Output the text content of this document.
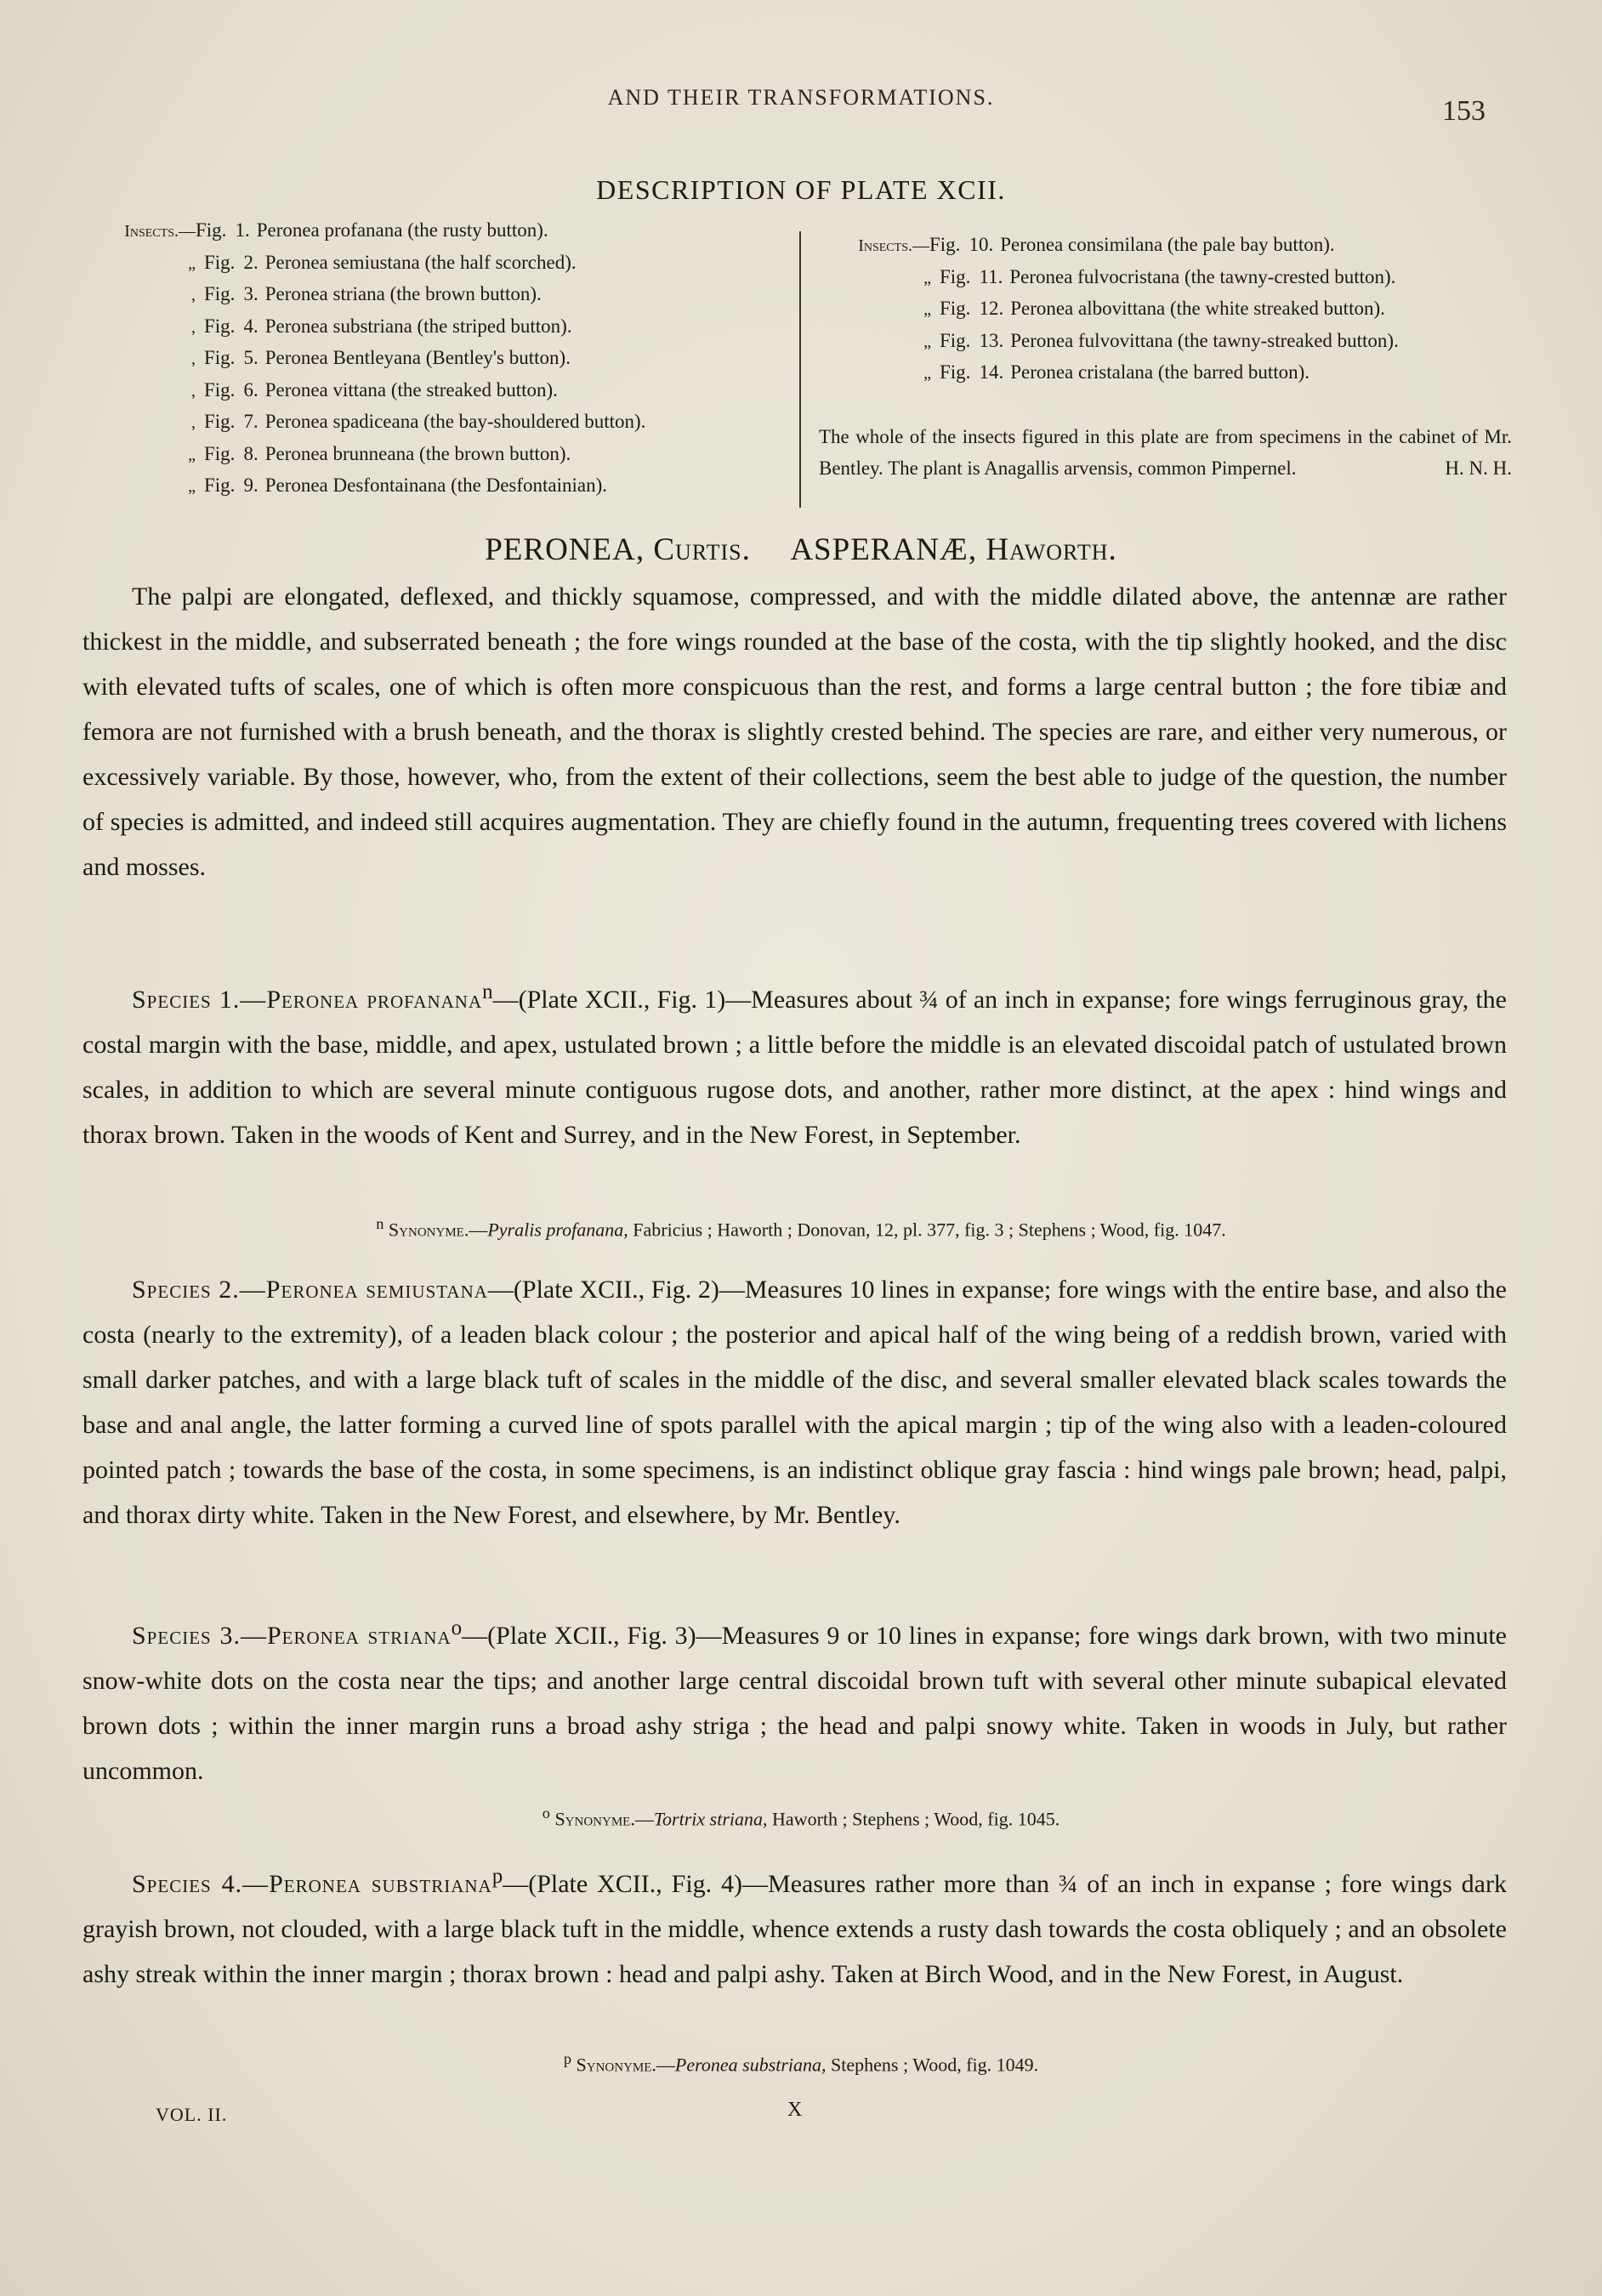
AND THEIR TRANSFORMATIONS.	153
DESCRIPTION OF PLATE XCII.
Insects.—Fig. 1. Peronea profanana (the rusty button).
„ Fig. 2. Peronea semiustana (the half scorched).
, Fig. 3. Peronea striana (the brown button).
, Fig. 4. Peronea substriana (the striped button).
, Fig. 5. Peronea Bentleyana (Bentley's button).
, Fig. 6. Peronea vittana (the streaked button).
, Fig. 7. Peronea spadiceana (the bay-shouldered button).
„ Fig. 8. Peronea brunneana (the brown button).
„ Fig. 9. Peronea Desfontainana (the Desfontainian).
Insects.—Fig. 10. Peronea consimilana (the pale bay button).
„ Fig. 11. Peronea fulvocristana (the tawny-crested button).
„ Fig. 12. Peronea albovittana (the white streaked button).
„ Fig. 13. Peronea fulvovittana (the tawny-streaked button).
„ Fig. 14. Peronea cristalana (the barred button).
The whole of the insects figured in this plate are from specimens in the cabinet of Mr. Bentley. The plant is Anagallis arvensis, common Pimpernel.	H. N. H.
PERONEA, Curtis. ASPERANÆ, Haworth.

The palpi are elongated, deflexed, and thickly squamose, compressed, and with the middle dilated above, the antennæ are rather thickest in the middle, and subserrated beneath ; the fore wings rounded at the base of the costa, with the tip slightly hooked, and the disc with elevated tufts of scales, one of which is often more conspicuous than the rest, and forms a large central button ; the fore tibiæ and femora are not furnished with a brush beneath, and the thorax is slightly crested behind. The species are rare, and either very numerous, or excessively variable. By those, however, who, from the extent of their collections, seem the best able to judge of the question, the number of species is admitted, and indeed still acquires augmentation. They are chiefly found in the autumn, frequenting trees covered with lichens and mosses.

Species 1.—Peronea profanana$^n$—(Plate XCII., Fig. 1)—Measures about ¾ of an inch in expanse; fore wings ferruginous gray, the costal margin with the base, middle, and apex, ustulated brown ; a little before the middle is an elevated discoidal patch of ustulated brown scales, in addition to which are several minute contiguous rugose dots, and another, rather more distinct, at the apex : hind wings and thorax brown. Taken in the woods of Kent and Surrey, and in the New Forest, in September.

$^n$ Synonyme.—Pyralis profanana, Fabricius ; Haworth ; Donovan, 12, pl. 377, fig. 3 ; Stephens ; Wood, fig. 1047.

Species 2.—Peronea semiustana—(Plate XCII., Fig. 2)—Measures 10 lines in expanse; fore wings with the entire base, and also the costa (nearly to the extremity), of a leaden black colour ; the posterior and apical half of the wing being of a reddish brown, varied with small darker patches, and with a large black tuft of scales in the middle of the disc, and several smaller elevated black scales towards the base and anal angle, the latter forming a curved line of spots parallel with the apical margin ; tip of the wing also with a leaden-coloured pointed patch ; towards the base of the costa, in some specimens, is an indistinct oblique gray fascia : hind wings pale brown; head, palpi, and thorax dirty white. Taken in the New Forest, and elsewhere, by Mr. Bentley.

Species 3.—Peronea striana$^o$—(Plate XCII., Fig. 3)—Measures 9 or 10 lines in expanse; fore wings dark brown, with two minute snow-white dots on the costa near the tips; and another large central discoidal brown tuft with several other minute subapical elevated brown dots ; within the inner margin runs a broad ashy striga ; the head and palpi snowy white. Taken in woods in July, but rather uncommon.

$^o$ Synonyme.—Tortrix striana, Haworth ; Stephens ; Wood, fig. 1045.

Species 4.—Peronea substriana$^p$—(Plate XCII., Fig. 4)—Measures rather more than ¾ of an inch in expanse ; fore wings dark grayish brown, not clouded, with a large black tuft in the middle, whence extends a rusty dash towards the costa obliquely ; and an obsolete ashy streak within the inner margin ; thorax brown : head and palpi ashy. Taken at Birch Wood, and in the New Forest, in August.

$^p$ Synonyme.—Peronea substriana, Stephens ; Wood, fig. 1049.
VOL. II.	X
